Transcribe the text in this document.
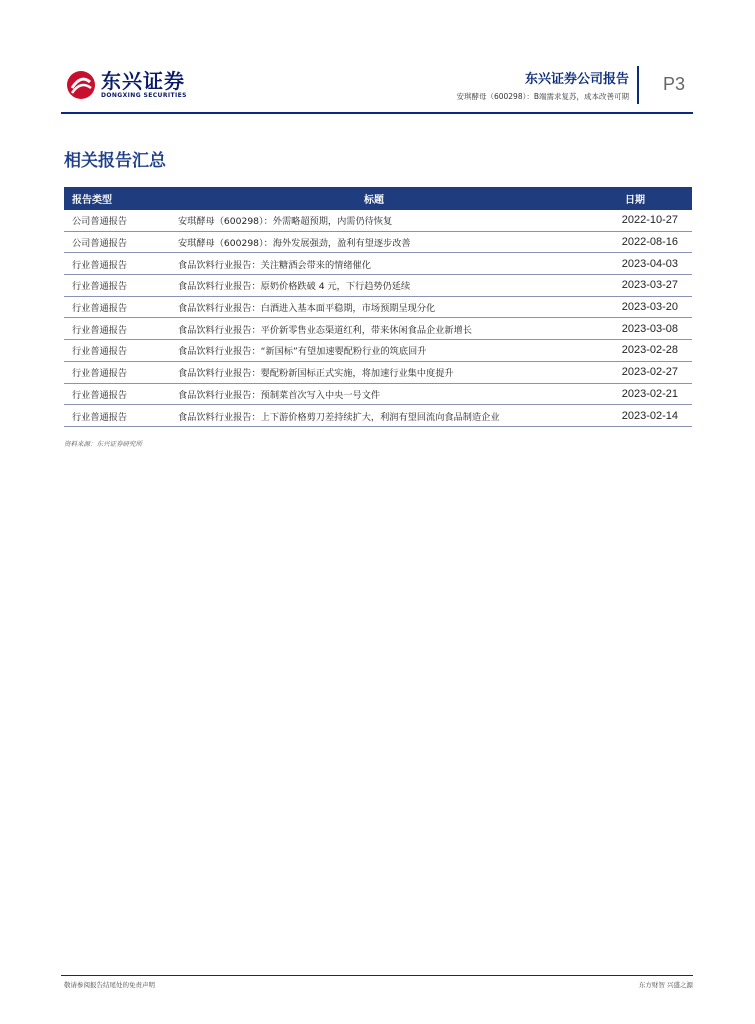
东兴证券
DONGXING SECURITIES
东兴证券公司报告
安琪酵母（600298）：B端需求复苏，成本改善可期
P3
相关报告汇总
报告类型	标题	日期
公司普通报告	安琪酵母（600298）：外需略超预期，内需仍待恢复	2022-10-27
公司普通报告	安琪酵母（600298）：海外发展强劲，盈利有望逐步改善	2022-08-16
行业普通报告	食品饮料行业报告：关注糖酒会带来的情绪催化	2023-04-03
行业普通报告	食品饮料行业报告：原奶价格跌破 4 元，下行趋势仍延续	2023-03-27
行业普通报告	食品饮料行业报告：白酒进入基本面平稳期，市场预期呈现分化	2023-03-20
行业普通报告	食品饮料行业报告：平价新零售业态渠道红利，带来休闲食品企业新增长	2023-03-08
行业普通报告	食品饮料行业报告：“新国标”有望加速婴配粉行业的筑底回升	2023-02-28
行业普通报告	食品饮料行业报告：婴配粉新国标正式实施，将加速行业集中度提升	2023-02-27
行业普通报告	食品饮料行业报告：预制菜首次写入中央一号文件	2023-02-21
行业普通报告	食品饮料行业报告：上下游价格剪刀差持续扩大，利润有望回流向食品制造企业	2023-02-14
资料来源：东兴证券研究所
敬请参阅报告结尾处的免责声明	东方财智 兴盛之源
